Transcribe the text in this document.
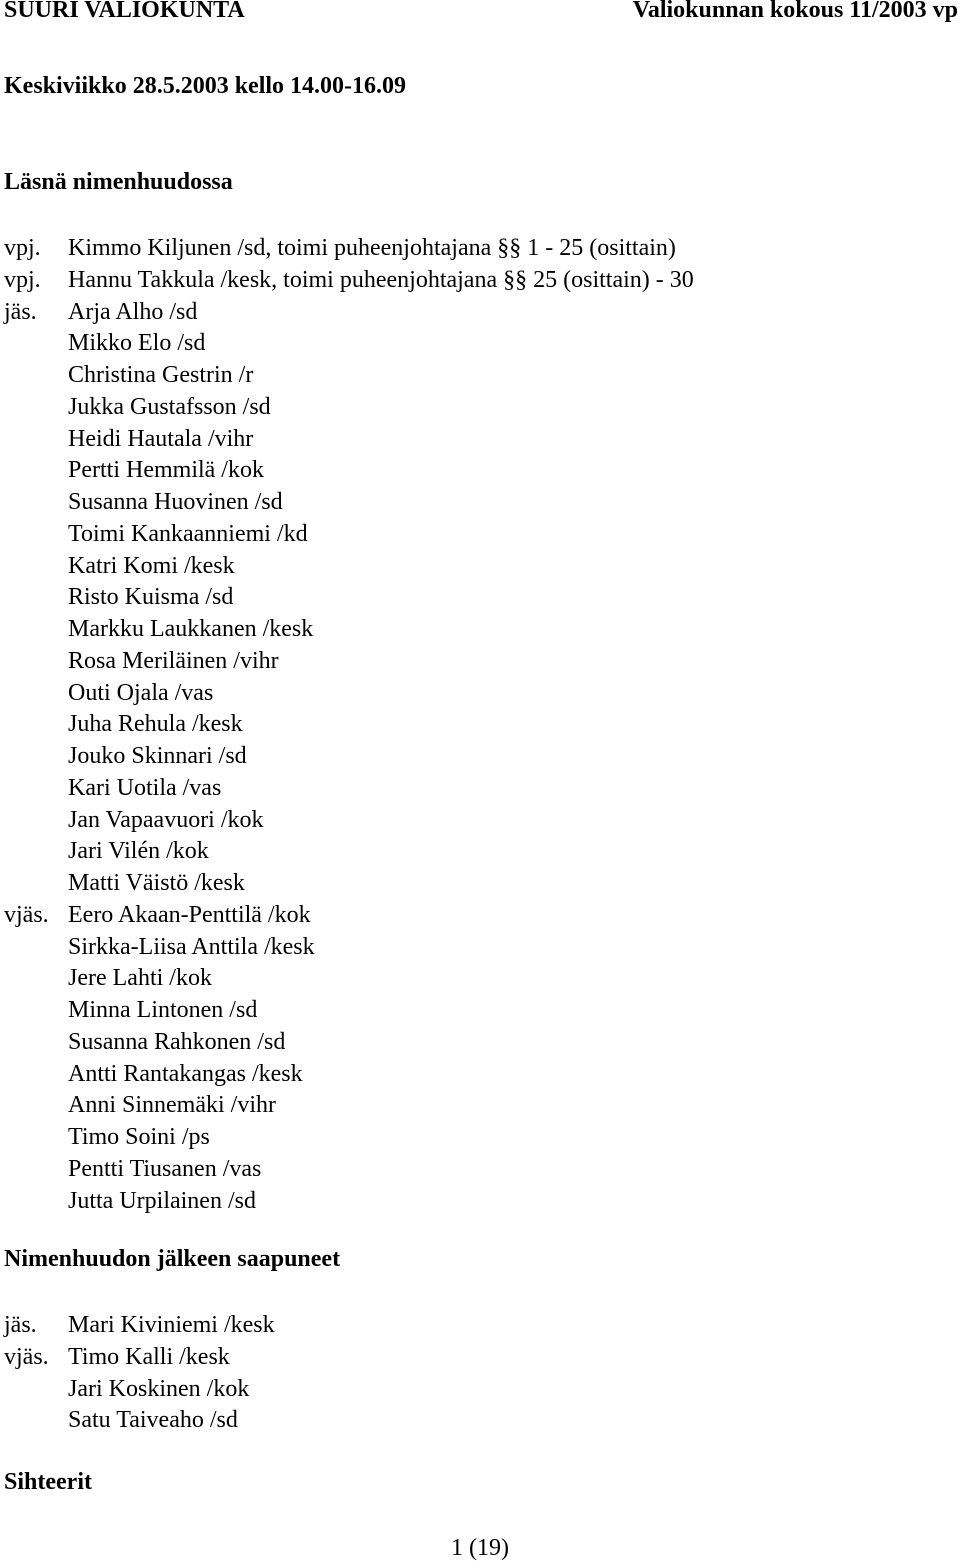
SUURI VALIOKUNTA	Valiokunnan kokous 11/2003 vp
Keskiviikko 28.5.2003 kello 14.00-16.09
Läsnä nimenhuudossa
vpj. Kimmo Kiljunen /sd, toimi puheenjohtajana §§ 1 - 25 (osittain)
vpj. Hannu Takkula /kesk, toimi puheenjohtajana §§ 25 (osittain) - 30
jäs. Arja Alho /sd
Mikko Elo /sd
Christina Gestrin /r
Jukka Gustafsson /sd
Heidi Hautala /vihr
Pertti Hemmilä /kok
Susanna Huovinen /sd
Toimi Kankaanniemi /kd
Katri Komi /kesk
Risto Kuisma /sd
Markku Laukkanen /kesk
Rosa Meriläinen /vihr
Outi Ojala /vas
Juha Rehula /kesk
Jouko Skinnari /sd
Kari Uotila /vas
Jan Vapaavuori /kok
Jari Vilén /kok
Matti Väistö /kesk
vjäs. Eero Akaan-Penttilä /kok
Sirkka-Liisa Anttila /kesk
Jere Lahti /kok
Minna Lintonen /sd
Susanna Rahkonen /sd
Antti Rantakangas /kesk
Anni Sinnemäki /vihr
Timo Soini /ps
Pentti Tiusanen /vas
Jutta Urpilainen /sd
Nimenhuudon jälkeen saapuneet
jäs. Mari Kiviniemi /kesk
vjäs. Timo Kalli /kesk
Jari Koskinen /kok
Satu Taiveaho /sd
Sihteerit
1 (19)
